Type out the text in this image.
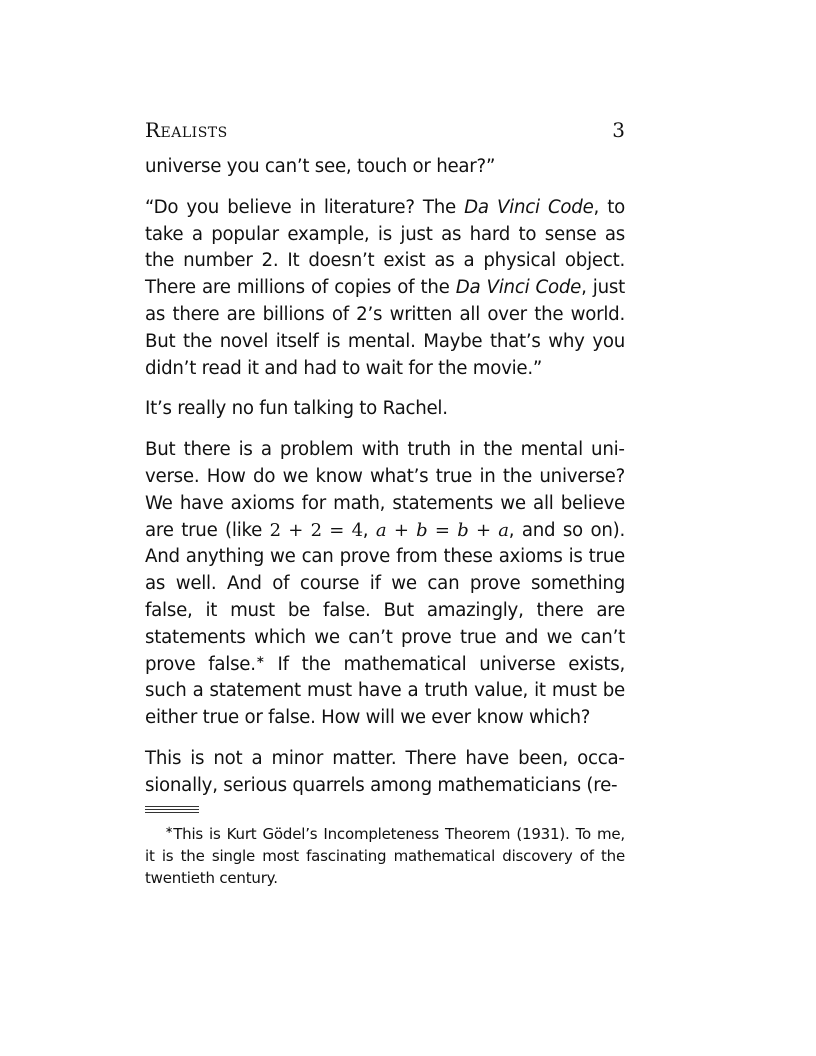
Realists	3

universe you can’t see, touch or hear?”

“Do you believe in literature? The Da Vinci Code, to take a popular example, is just as hard to sense as the number 2. It doesn’t exist as a physical object. There are millions of copies of the Da Vinci Code, just as there are billions of 2’s written all over the world. But the novel itself is mental. Maybe that’s why you didn’t read it and had to wait for the movie.”

It’s really no fun talking to Rachel.

But there is a problem with truth in the mental universe. How do we know what’s true in the universe? We have axioms for math, statements we all believe are true (like 2 + 2 = 4, a + b = b + a, and so on). And anything we can prove from these axioms is true as well. And of course if we can prove something false, it must be false. But amazingly, there are statements which we can’t prove true and we can’t prove false.∗ If the mathematical universe exists, such a statement must have a truth value, it must be either true or false. How will we ever know which?

This is not a minor matter. There have been, occasionally, serious quarrels among mathematicians (re-

∗This is Kurt Gödel’s Incompleteness Theorem (1931). To me, it is the single most fascinating mathematical discovery of the twentieth century.
